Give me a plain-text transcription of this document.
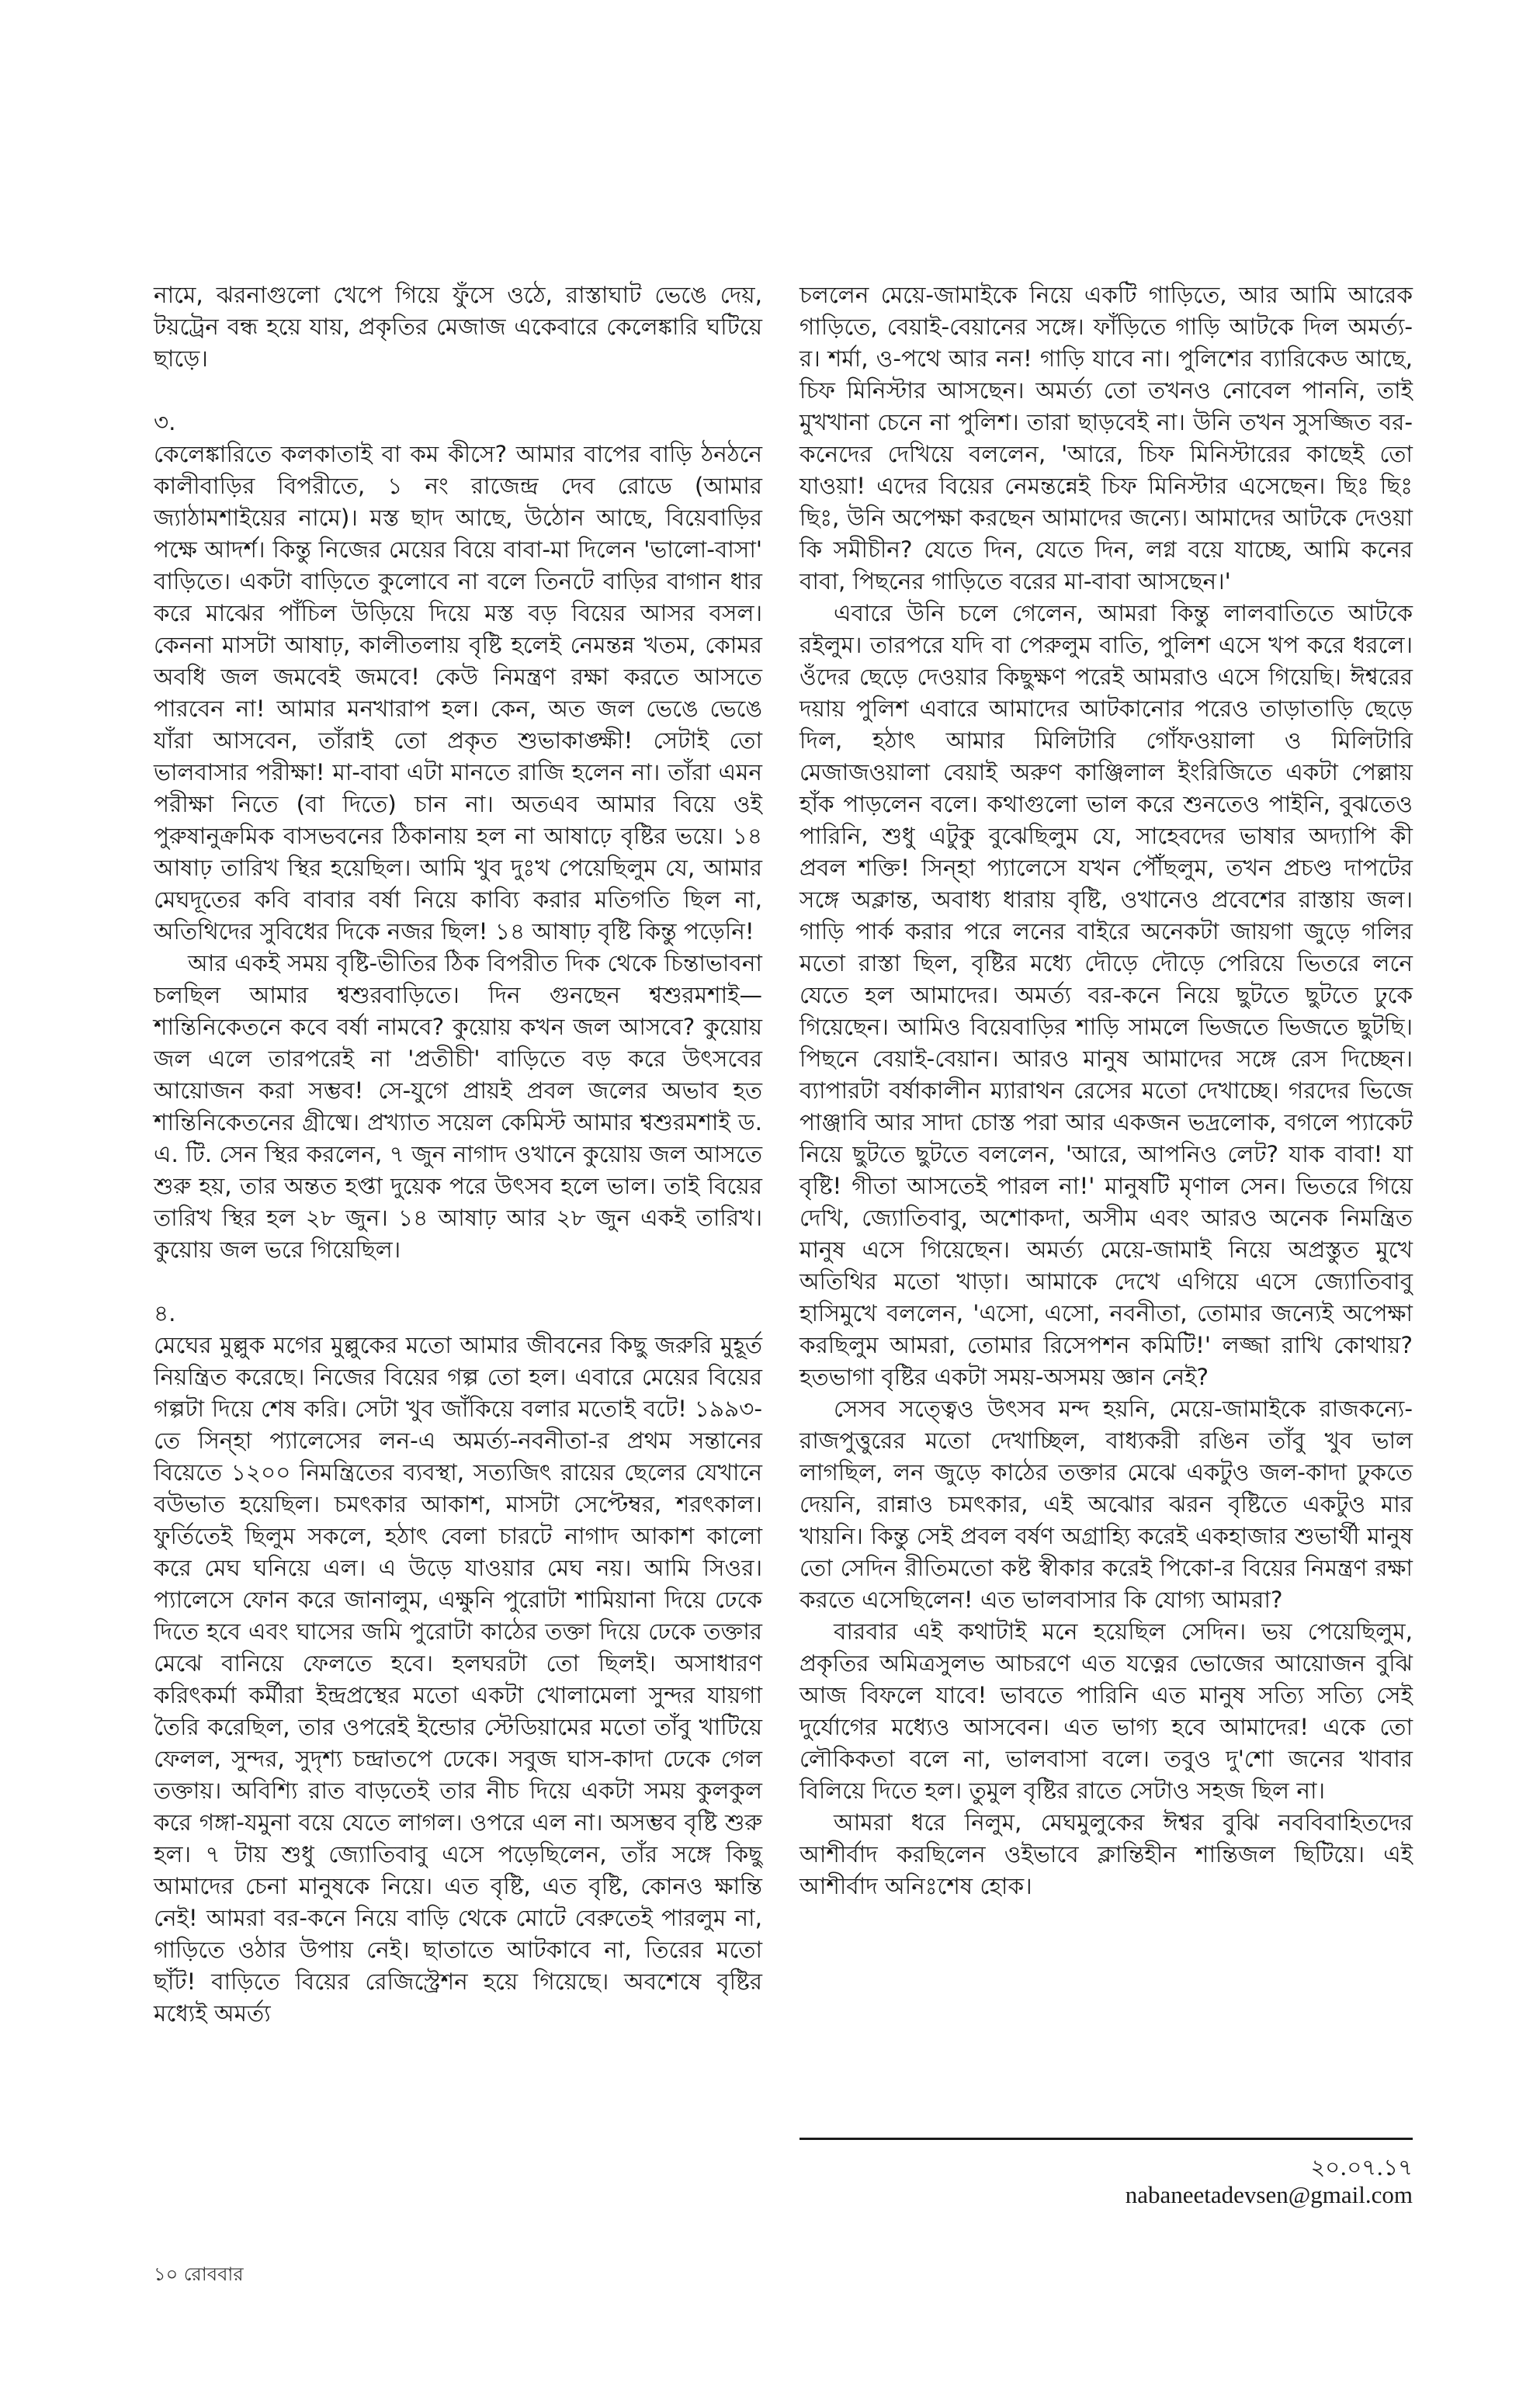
নামে, ঝরনাগুলো খেপে গিয়ে ফুঁসে ওঠে, রাস্তাঘাট ভেঙে দেয়, টয়ট্রেন বন্ধ হয়ে যায়, প্রকৃতির মেজাজ একেবারে কেলেঙ্কারি ঘটিয়ে ছাড়ে।

৩.

কেলেঙ্কারিতে কলকাতাই বা কম কীসে? আমার বাপের বাড়ি ঠনঠনে কালীবাড়ির বিপরীতে, ১ নং রাজেন্দ্র দেব রোডে (আমার জ্যাঠামশাইয়ের নামে)। মস্ত ছাদ আছে, উঠোন আছে, বিয়েবাড়ির পক্ষে আদর্শ। কিন্তু নিজের মেয়ের বিয়ে বাবা-মা দিলেন 'ভালো-বাসা' বাড়িতে। একটা বাড়িতে কুলোবে না বলে তিনটে বাড়ির বাগান ধার করে মাঝের পাঁচিল উড়িয়ে দিয়ে মস্ত বড় বিয়ের আসর বসল। কেননা মাসটা আষাঢ়, কালীতলায় বৃষ্টি হলেই নেমন্তন্ন খতম, কোমর অবধি জল জমবেই জমবে! কেউ নিমন্ত্রণ রক্ষা করতে আসতে পারবেন না! আমার মনখারাপ হল। কেন, অত জল ভেঙে ভেঙে যাঁরা আসবেন, তাঁরাই তো প্রকৃত শুভাকাঙ্ক্ষী! সেটাই তো ভালবাসার পরীক্ষা! মা-বাবা এটা মানতে রাজি হলেন না। তাঁরা এমন পরীক্ষা নিতে (বা দিতে) চান না। অতএব আমার বিয়ে ওই পুরুষানুক্রমিক বাসভবনের ঠিকানায় হল না আষাঢ়ে বৃষ্টির ভয়ে। ১৪ আষাঢ় তারিখ স্থির হয়েছিল। আমি খুব দুঃখ পেয়েছিলুম যে, আমার মেঘদূতের কবি বাবার বর্ষা নিয়ে কাব্যি করার মতিগতি ছিল না, অতিথিদের সুবিধের দিকে নজর ছিল! ১৪ আষাঢ় বৃষ্টি কিন্তু পড়েনি!

আর একই সময় বৃষ্টি-ভীতির ঠিক বিপরীত দিক থেকে চিন্তাভাবনা চলছিল আমার শ্বশুরবাড়িতে। দিন গুনছেন শ্বশুরমশাই— শান্তিনিকেতনে কবে বর্ষা নামবে? কুয়োয় কখন জল আসবে? কুয়োয় জল এলে তারপরেই না 'প্রতীচী' বাড়িতে বড় করে উৎসবের আয়োজন করা সম্ভব! সে-যুগে প্রায়ই প্রবল জলের অভাব হত শান্তিনিকেতনের গ্রীষ্মে। প্রখ্যাত সয়েল কেমিস্ট আমার শ্বশুরমশাই ড. এ. টি. সেন স্থির করলেন, ৭ জুন নাগাদ ওখানে কুয়োয় জল আসতে শুরু হয়, তার অন্তত হপ্তা দুয়েক পরে উৎসব হলে ভাল। তাই বিয়ের তারিখ স্থির হল ২৮ জুন। ১৪ আষাঢ় আর ২৮ জুন একই তারিখ। কুয়োয় জল ভরে গিয়েছিল।

৪.

মেঘের মুল্লুক মগের মুল্লুকের মতো আমার জীবনের কিছু জরুরি মুহূর্ত নিয়ন্ত্রিত করেছে। নিজের বিয়ের গল্প তো হল। এবারে মেয়ের বিয়ের গল্পটা দিয়ে শেষ করি। সেটা খুব জাঁকিয়ে বলার মতোই বটে! ১৯৯৩-তে সিন্হা প্যালেসের লন-এ অমর্ত্য-নবনীতা-র প্রথম সন্তানের বিয়েতে ১২০০ নিমন্ত্রিতের ব্যবস্থা, সত্যজিৎ রায়ের ছেলের যেখানে বউভাত হয়েছিল। চমৎকার আকাশ, মাসটা সেপ্টেম্বর, শরৎকাল। ফুর্তিতেই ছিলুম সকলে, হঠাৎ বেলা চারটে নাগাদ আকাশ কালো করে মেঘ ঘনিয়ে এল। এ উড়ে যাওয়ার মেঘ নয়। আমি সিওর। প্যালেসে ফোন করে জানালুম, এক্ষুনি পুরোটা শামিয়ানা দিয়ে ঢেকে দিতে হবে এবং ঘাসের জমি পুরোটা কাঠের তক্তা দিয়ে ঢেকে তক্তার মেঝে বানিয়ে ফেলতে হবে। হলঘরটা তো ছিলই। অসাধারণ করিৎকর্মা কর্মীরা ইন্দ্রপ্রস্থের মতো একটা খোলামেলা সুন্দর যায়গা তৈরি করেছিল, তার ওপরেই ইন্ডোর স্টেডিয়ামের মতো তাঁবু খাটিয়ে ফেলল, সুন্দর, সুদৃশ্য চন্দ্রাতপে ঢেকে। সবুজ ঘাস-কাদা ঢেকে গেল তক্তায়। অবিশ্যি রাত বাড়তেই তার নীচ দিয়ে একটা সময় কুলকুল করে গঙ্গা-যমুনা বয়ে যেতে লাগল। ওপরে এল না। অসম্ভব বৃষ্টি শুরু হল। ৭ টায় শুধু জ্যোতিবাবু এসে পড়েছিলেন, তাঁর সঙ্গে কিছু আমাদের চেনা মানুষকে নিয়ে। এত বৃষ্টি, এত বৃষ্টি, কোনও ক্ষান্তি নেই! আমরা বর-কনে নিয়ে বাড়ি থেকে মোটে বেরুতেই পারলুম না, গাড়িতে ওঠার উপায় নেই। ছাতাতে আটকাবে না, তিরের মতো ছাঁট! বাড়িতে বিয়ের রেজিস্ট্রেশন হয়ে গিয়েছে। অবশেষে বৃষ্টির মধ্যেই অমর্ত্য

চললেন মেয়ে-জামাইকে নিয়ে একটি গাড়িতে, আর আমি আরেক গাড়িতে, বেয়াই-বেয়ানের সঙ্গে। ফাঁড়িতে গাড়ি আটকে দিল অমর্ত্য-র। শর্মা, ও-পথে আর নন! গাড়ি যাবে না। পুলিশের ব্যারিকেড আছে, চিফ মিনিস্টার আসছেন। অমর্ত্য তো তখনও নোবেল পাননি, তাই মুখখানা চেনে না পুলিশ। তারা ছাড়বেই না। উনি তখন সুসজ্জিত বর-কনেদের দেখিয়ে বললেন, 'আরে, চিফ মিনিস্টারের কাছেই তো যাওয়া! এদের বিয়ের নেমন্তন্নেই চিফ মিনিস্টার এসেছেন। ছিঃ ছিঃ ছিঃ, উনি অপেক্ষা করছেন আমাদের জন্যে। আমাদের আটকে দেওয়া কি সমীচীন? যেতে দিন, যেতে দিন, লগ্ন বয়ে যাচ্ছে, আমি কনের বাবা, পিছনের গাড়িতে বরের মা-বাবা আসছেন।'

এবারে উনি চলে গেলেন, আমরা কিন্তু লালবাতিতে আটকে রইলুম। তারপরে যদি বা পেরুলুম বাতি, পুলিশ এসে খপ করে ধরলে। ওঁদের ছেড়ে দেওয়ার কিছুক্ষণ পরেই আমরাও এসে গিয়েছি। ঈশ্বরের দয়ায় পুলিশ এবারে আমাদের আটকানোর পরেও তাড়াতাড়ি ছেড়ে দিল, হঠাৎ আমার মিলিটারি গোঁফওয়ালা ও মিলিটারি মেজাজওয়ালা বেয়াই অরুণ কাঞ্জিলাল ইংরিজিতে একটা পেল্লায় হাঁক পাড়লেন বলে। কথাগুলো ভাল করে শুনতেও পাইনি, বুঝতেও পারিনি, শুধু এটুকু বুঝেছিলুম যে, সাহেবদের ভাষার অদ্যাপি কী প্রবল শক্তি! সিন্হা প্যালেসে যখন পৌঁছলুম, তখন প্রচণ্ড দাপটের সঙ্গে অক্লান্ত, অবাধ্য ধারায় বৃষ্টি, ওখানেও প্রবেশের রাস্তায় জল। গাড়ি পার্ক করার পরে লনের বাইরে অনেকটা জায়গা জুড়ে গলির মতো রাস্তা ছিল, বৃষ্টির মধ্যে দৌড়ে দৌড়ে পেরিয়ে ভিতরে লনে যেতে হল আমাদের। অমর্ত্য বর-কনে নিয়ে ছুটতে ছুটতে ঢুকে গিয়েছেন। আমিও বিয়েবাড়ির শাড়ি সামলে ভিজতে ভিজতে ছুটছি। পিছনে বেয়াই-বেয়ান। আরও মানুষ আমাদের সঙ্গে রেস দিচ্ছেন। ব্যাপারটা বর্ষাকালীন ম্যারাথন রেসের মতো দেখাচ্ছে। গরদের ভিজে পাঞ্জাবি আর সাদা চোস্ত পরা আর একজন ভদ্রলোক, বগলে প্যাকেট নিয়ে ছুটতে ছুটতে বললেন, 'আরে, আপনিও লেট? যাক বাবা! যা বৃষ্টি! গীতা আসতেই পারল না!' মানুষটি মৃণাল সেন। ভিতরে গিয়ে দেখি, জ্যোতিবাবু, অশোকদা, অসীম এবং আরও অনেক নিমন্ত্রিত মানুষ এসে গিয়েছেন। অমর্ত্য মেয়ে-জামাই নিয়ে অপ্রস্তুত মুখে অতিথির মতো খাড়া। আমাকে দেখে এগিয়ে এসে জ্যোতিবাবু হাসিমুখে বললেন, 'এসো, এসো, নবনীতা, তোমার জন্যেই অপেক্ষা করছিলুম আমরা, তোমার রিসেপশন কমিটি!' লজ্জা রাখি কোথায়? হতভাগা বৃষ্টির একটা সময়-অসময় জ্ঞান নেই?

সেসব সত্ত্বেও উৎসব মন্দ হয়নি, মেয়ে-জামাইকে রাজকন্যে-রাজপুত্তুরের মতো দেখাচ্ছিল, বাধ্যকরী রঙিন তাঁবু খুব ভাল লাগছিল, লন জুড়ে কাঠের তক্তার মেঝে একটুও জল-কাদা ঢুকতে দেয়নি, রান্নাও চমৎকার, এই অঝোর ঝরন বৃষ্টিতে একটুও মার খায়নি। কিন্তু সেই প্রবল বর্ষণ অগ্রাহ্যি করেই একহাজার শুভার্থী মানুষ তো সেদিন রীতিমতো কষ্ট স্বীকার করেই পিকো-র বিয়ের নিমন্ত্রণ রক্ষা করতে এসেছিলেন! এত ভালবাসার কি যোগ্য আমরা?

বারবার এই কথাটাই মনে হয়েছিল সেদিন। ভয় পেয়েছিলুম, প্রকৃতির অমিত্রসুলভ আচরণে এত যত্নের ভোজের আয়োজন বুঝি আজ বিফলে যাবে! ভাবতে পারিনি এত মানুষ সত্যি সত্যি সেই দুর্যোগের মধ্যেও আসবেন। এত ভাগ্য হবে আমাদের! একে তো লৌকিকতা বলে না, ভালবাসা বলে। তবুও দু'শো জনের খাবার বিলিয়ে দিতে হল। তুমুল বৃষ্টির রাতে সেটাও সহজ ছিল না।

আমরা ধরে নিলুম, মেঘমুলুকের ঈশ্বর বুঝি নববিবাহিতদের আশীর্বাদ করছিলেন ওইভাবে ক্লান্তিহীন শান্তিজল ছিটিয়ে। এই আশীর্বাদ অনিঃশেষ হোক।

২০.০৭.১৭
nabaneetadevsen@gmail.com
১০ রোববার
